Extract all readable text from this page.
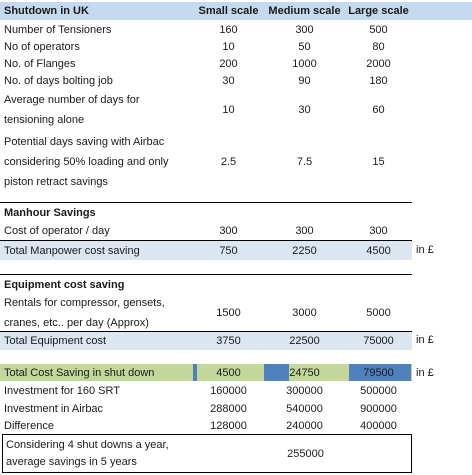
Shutdown in UK	Small scale Medium scale Large scale
Number of Tensioners	160	300	500
No of operators	10	50	80
No. of Flanges	200	1000	2000
No. of days bolting job	30	90	180
Average number of days for tensioning alone
10	30	60
Potential days saving with Airbac considering 50% loading and only piston retract savings
2.5	7.5	15
Manhour Savings
Cost of operator / day	300	300	300
Total Manpower cost saving	750	2250	4500	in £
Equipment cost saving
Rentals for compressor, gensets, cranes, etc.. per day (Approx)
1500	3000	5000
Total Equipment cost	3750	22500	75000	in £
Total Cost Saving in shut down	4500	24750	79500	in £
Investment for 160 SRT	160000	300000	500000
Investment in Airbac	288000	540000	900000
Difference	128000	240000	400000
Considering 4 shut downs a year, average savings in 5 years
255000
